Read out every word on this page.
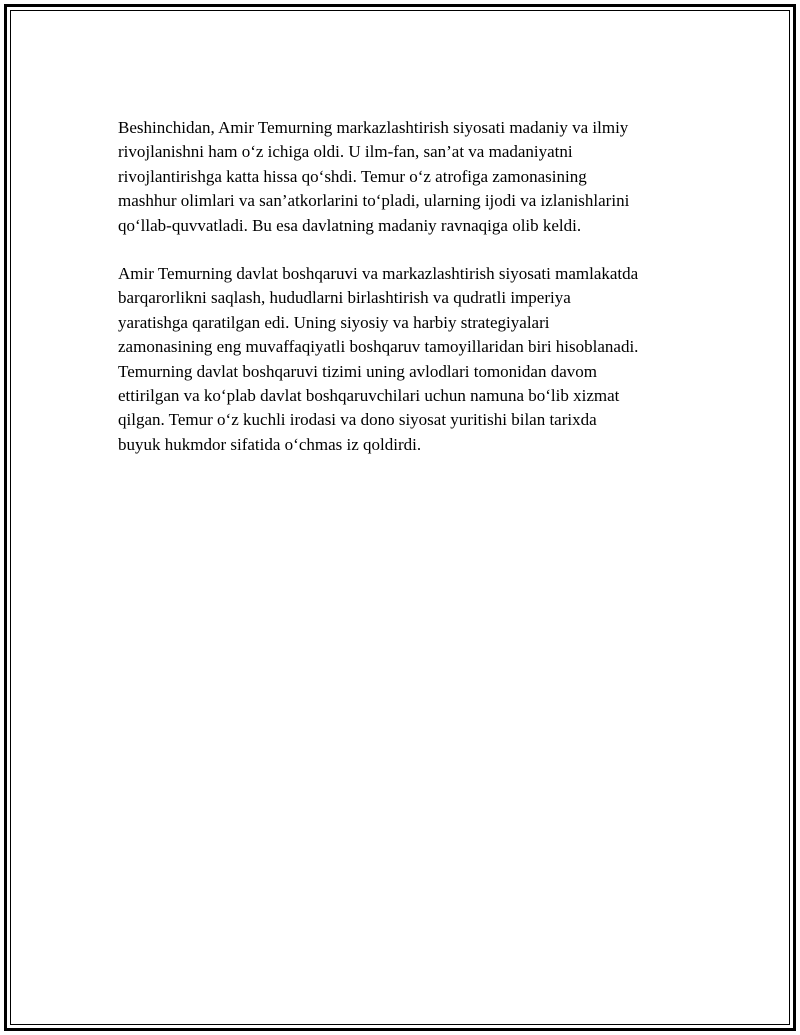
Beshinchidan, Amir Temurning markazlashtirish siyosati madaniy va ilmiy
rivojlanishni ham o‘z ichiga oldi. U ilm-fan, san’at va madaniyatni
rivojlantirishga katta hissa qo‘shdi. Temur o‘z atrofiga zamonasining
mashhur olimlari va san’atkorlarini to‘pladi, ularning ijodi va izlanishlarini
qo‘llab-quvvatladi. Bu esa davlatning madaniy ravnaqiga olib keldi.

Amir Temurning davlat boshqaruvi va markazlashtirish siyosati mamlakatda
barqarorlikni saqlash, hududlarni birlashtirish va qudratli imperiya
yaratishga qaratilgan edi. Uning siyosiy va harbiy strategiyalari
zamonasining eng muvaffaqiyatli boshqaruv tamoyillaridan biri hisoblanadi.
Temurning davlat boshqaruvi tizimi uning avlodlari tomonidan davom
ettirilgan va ko‘plab davlat boshqaruvchilari uchun namuna bo‘lib xizmat
qilgan. Temur o‘z kuchli irodasi va dono siyosat yuritishi bilan tarixda
buyuk hukmdor sifatida o‘chmas iz qoldirdi.
